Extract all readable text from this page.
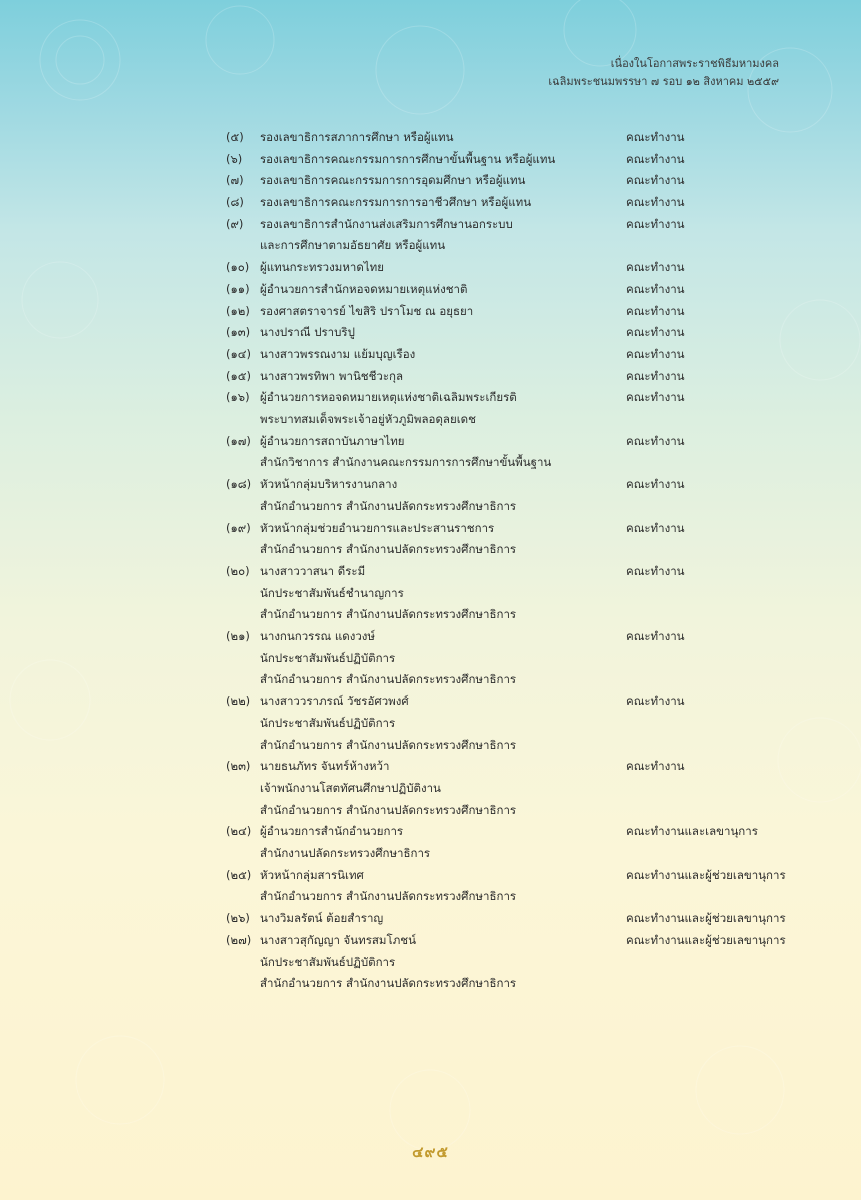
เนื่องในโอกาสพระราชพิธีมหามงคล
เฉลิมพระชนมพรรษา ๗ รอบ ๑๒ สิงหาคม ๒๕๕๙
(๕)	รองเลขาธิการสภาการศึกษา หรือผู้แทน	คณะทำงาน
(๖)	รองเลขาธิการคณะกรรมการการศึกษาขั้นพื้นฐาน หรือผู้แทน	คณะทำงาน
(๗)	รองเลขาธิการคณะกรรมการการอุดมศึกษา หรือผู้แทน	คณะทำงาน
(๘)	รองเลขาธิการคณะกรรมการการอาชีวศึกษา หรือผู้แทน	คณะทำงาน
(๙)	รองเลขาธิการสำนักงานส่งเสริมการศึกษานอกระบบ
และการศึกษาตามอัธยาศัย หรือผู้แทน
คณะทำงาน
(๑๐) ผู้แทนกระทรวงมหาดไทย	คณะทำงาน
(๑๑) ผู้อำนวยการสำนักหอจดหมายเหตุแห่งชาติ	คณะทำงาน
(๑๒) รองศาสตราจารย์ ไขสิริ ปราโมช ณ อยุธยา	คณะทำงาน
(๑๓) นางปราณี ปราบริปู	คณะทำงาน
(๑๔) นางสาวพรรณงาม แย้มบุญเรือง	คณะทำงาน
(๑๕) นางสาวพรทิพา พานิชชีวะกุล	คณะทำงาน
(๑๖) ผู้อำนวยการหอจดหมายเหตุแห่งชาติเฉลิมพระเกียรติ
พระบาทสมเด็จพระเจ้าอยู่หัวภูมิพลอดุลยเดช
คณะทำงาน
(๑๗) ผู้อำนวยการสถาบันภาษาไทย
สำนักวิชาการ สำนักงานคณะกรรมการการศึกษาขั้นพื้นฐาน
คณะทำงาน
(๑๘) หัวหน้ากลุ่มบริหารงานกลาง
สำนักอำนวยการ สำนักงานปลัดกระทรวงศึกษาธิการ
คณะทำงาน
(๑๙) หัวหน้ากลุ่มช่วยอำนวยการและประสานราชการ
สำนักอำนวยการ สำนักงานปลัดกระทรวงศึกษาธิการ
คณะทำงาน
(๒๐) นางสาววาสนา ดีระมี
นักประชาสัมพันธ์ชำนาญการ
สำนักอำนวยการ สำนักงานปลัดกระทรวงศึกษาธิการ
คณะทำงาน
(๒๑) นางกนกวรรณ แดงวงษ์
นักประชาสัมพันธ์ปฏิบัติการ
สำนักอำนวยการ สำนักงานปลัดกระทรวงศึกษาธิการ
คณะทำงาน
(๒๒) นางสาววราภรณ์ วัชรอัศวพงศ์
นักประชาสัมพันธ์ปฏิบัติการ
สำนักอำนวยการ สำนักงานปลัดกระทรวงศึกษาธิการ
คณะทำงาน
(๒๓) นายธนภัทร จันทร์ห้างหว้า
เจ้าพนักงานโสตทัศนศึกษาปฏิบัติงาน
สำนักอำนวยการ สำนักงานปลัดกระทรวงศึกษาธิการ
คณะทำงาน
(๒๔) ผู้อำนวยการสำนักอำนวยการ
สำนักงานปลัดกระทรวงศึกษาธิการ
คณะทำงานและเลขานุการ
(๒๕) หัวหน้ากลุ่มสารนิเทศ
สำนักอำนวยการ สำนักงานปลัดกระทรวงศึกษาธิการ
คณะทำงานและผู้ช่วยเลขานุการ
(๒๖) นางวิมลรัตน์ ต้อยสำราญ	คณะทำงานและผู้ช่วยเลขานุการ
(๒๗) นางสาวสุกัญญา จันทรสมโภชน์
นักประชาสัมพันธ์ปฏิบัติการ
สำนักอำนวยการ สำนักงานปลัดกระทรวงศึกษาธิการ
คณะทำงานและผู้ช่วยเลขานุการ
๔๙๕
